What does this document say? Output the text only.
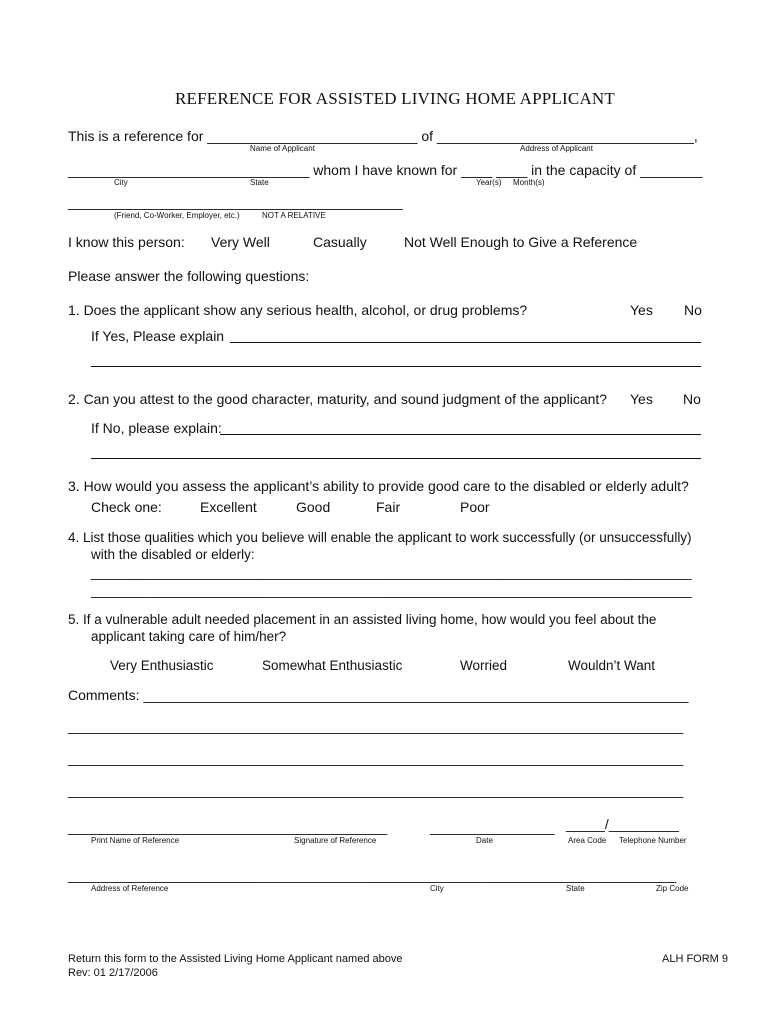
REFERENCE FOR ASSISTED LIVING HOME APPLICANT
This is a reference for ___________________________ of _________________________________,
Name of Applicant	Address of Applicant
_______________________________ whom I have known for ____ ____ in the capacity of ________
City	State	Year(s) Month(s)
___________________________________________
(Friend, Co-Worker, Employer, etc.)	NOT A RELATIVE
I know this person: Very Well	Casually	Not Well Enough to Give a Reference
Please answer the following questions:
1. Does the applicant show any serious health, alcohol, or drug problems?	Yes No
If Yes, Please explain
2. Can you attest to the good character, maturity, and sound judgment of the applicant? Yes No
If No, please explain:
3. How would you assess the applicant’s ability to provide good care to the disabled or elderly adult?
Check one:	Excellent	Good	Fair	Poor
4. List those qualities which you believe will enable the applicant to work successfully (or unsuccessfully)
with the disabled or elderly:
________________________________________________________________________________
________________________________________________________________________________
5. If a vulnerable adult needed placement in an assisted living home, how would you feel about the
applicant taking care of him/her?
Very Enthusiastic	Somewhat Enthusiastic	Worried	Wouldn’t Want
Comments: ______________________________________________________________________
_______________________________________________________________________________
_______________________________________________________________________________
_______________________________________________________________________________
_________________________________________	________________ _____/_________
Print Name of Reference	Signature of Reference	Date	Area Code Telephone Number
_________________________________________________________________________________
Address of Reference	City	State	Zip Code
Return this form to the Assisted Living Home Applicant named above
Rev: 01 2/17/2006
ALH FORM 9
